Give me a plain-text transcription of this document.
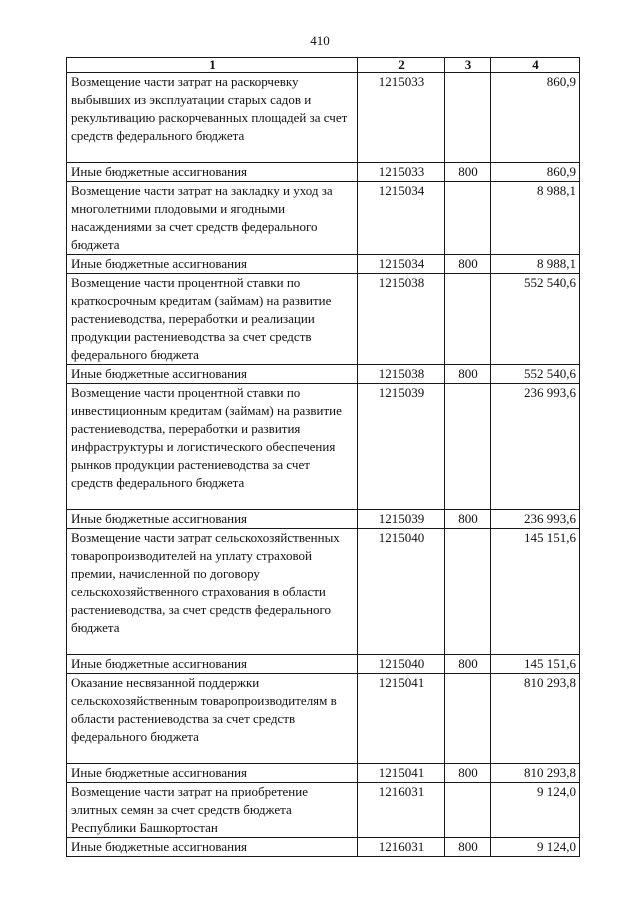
410
1	2	3	4
Возмещение части затрат на раскорчевку выбывших из эксплуатации старых садов и рекультивацию раскорчеванных площадей за счет средств федерального бюджета	1215033		860,9
Иные бюджетные ассигнования	1215033	800	860,9
Возмещение части затрат на закладку и уход за многолетними плодовыми и ягодными насаждениями за счет средств федерального бюджета	1215034		8 988,1
Иные бюджетные ассигнования	1215034	800	8 988,1
Возмещение части процентной ставки по краткосрочным кредитам (займам) на развитие растениеводства, переработки и реализации продукции растениеводства за счет средств федерального бюджета	1215038		552 540,6
Иные бюджетные ассигнования	1215038	800	552 540,6
Возмещение части процентной ставки по инвестиционным кредитам (займам) на развитие растениеводства, переработки и развития инфраструктуры и логистического обеспечения рынков продукции растениеводства за счет средств федерального бюджета	1215039		236 993,6
Иные бюджетные ассигнования	1215039	800	236 993,6
Возмещение части затрат сельскохозяйственных товаропроизводителей на уплату страховой премии, начисленной по договору сельскохозяйственного страхования в области растениеводства, за счет средств федерального бюджета	1215040		145 151,6
Иные бюджетные ассигнования	1215040	800	145 151,6
Оказание несвязанной поддержки сельскохозяйственным товаропроизводителям в области растениеводства за счет средств федерального бюджета	1215041		810 293,8
Иные бюджетные ассигнования	1215041	800	810 293,8
Возмещение части затрат на приобретение элитных семян за счет средств бюджета Республики Башкортостан	1216031		9 124,0
Иные бюджетные ассигнования	1216031	800	9 124,0
